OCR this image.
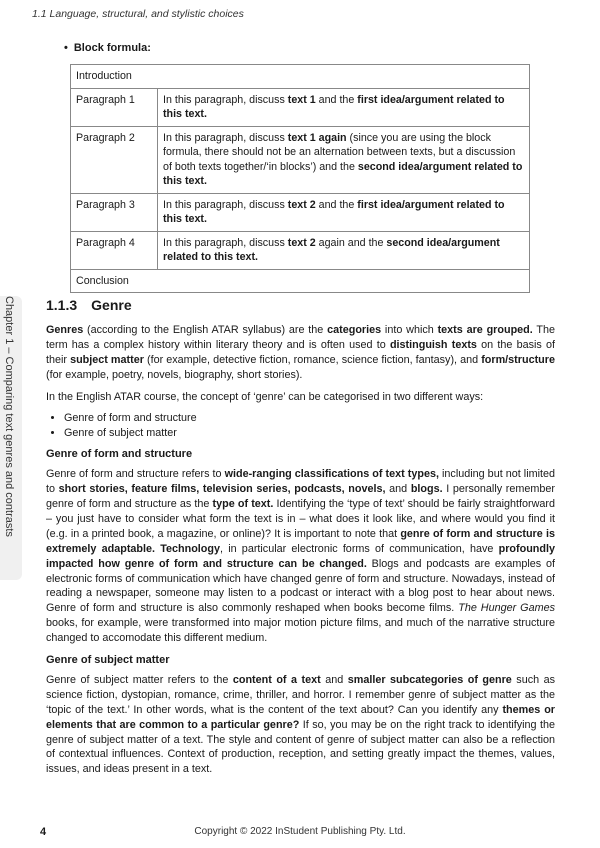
1.1 Language, structural, and stylistic choices
Chapter 1 – Comparing text genres and contrasts
• Block formula:
Introduction	
Paragraph 1	In this paragraph, discuss text 1 and the first idea/argument related to this text.
Paragraph 2	In this paragraph, discuss text 1 again (since you are using the block formula, there should not be an alternation between texts, but a discussion of both texts together/‘in blocks’) and the second idea/argument related to this text.
Paragraph 3	In this paragraph, discuss text 2 and the first idea/argument related to this text.
Paragraph 4	In this paragraph, discuss text 2 again and the second idea/argument related to this text.
Conclusion	
1.1.3 Genre

Genres (according to the English ATAR syllabus) are the categories into which texts are grouped. The term has a complex history within literary theory and is often used to distinguish texts on the basis of their subject matter (for example, detective fiction, romance, science fiction, fantasy), and form/structure (for example, poetry, novels, biography, short stories).

In the English ATAR course, the concept of ‘genre’ can be categorised in two different ways:

• Genre of form and structure
• Genre of subject matter
Genre of form and structure

Genre of form and structure refers to wide-ranging classifications of text types, including but not limited to short stories, feature films, television series, podcasts, novels, and blogs. I personally remember genre of form and structure as the type of text. Identifying the ‘type of text’ should be fairly straightforward – you just have to consider what form the text is in – what does it look like, and where would you find it (e.g. in a printed book, a magazine, or online)? It is important to note that genre of form and structure is extremely adaptable. Technology, in particular electronic forms of communication, have profoundly impacted how genre of form and structure can be changed. Blogs and podcasts are examples of electronic forms of communication which have changed genre of form and structure. Nowadays, instead of reading a newspaper, someone may listen to a podcast or interact with a blog post to hear about news. Genre of form and structure is also commonly reshaped when books become films. The Hunger Games books, for example, were transformed into major motion picture films, and much of the narrative structure changed to accomodate this different medium.

Genre of subject matter

Genre of subject matter refers to the content of a text and smaller subcategories of genre such as science fiction, dystopian, romance, crime, thriller, and horror. I remember genre of subject matter as the ‘topic of the text.’ In other words, what is the content of the text about? Can you identify any themes or elements that are common to a particular genre? If so, you may be on the right track to identifying the genre of subject matter of a text. The style and content of genre of subject matter can also be a reflection of contextual influences. Context of production, reception, and setting greatly impact the themes, values, issues, and ideas present in a text.

Copyright © 2022 InStudent Publishing Pty. Ltd.
4
